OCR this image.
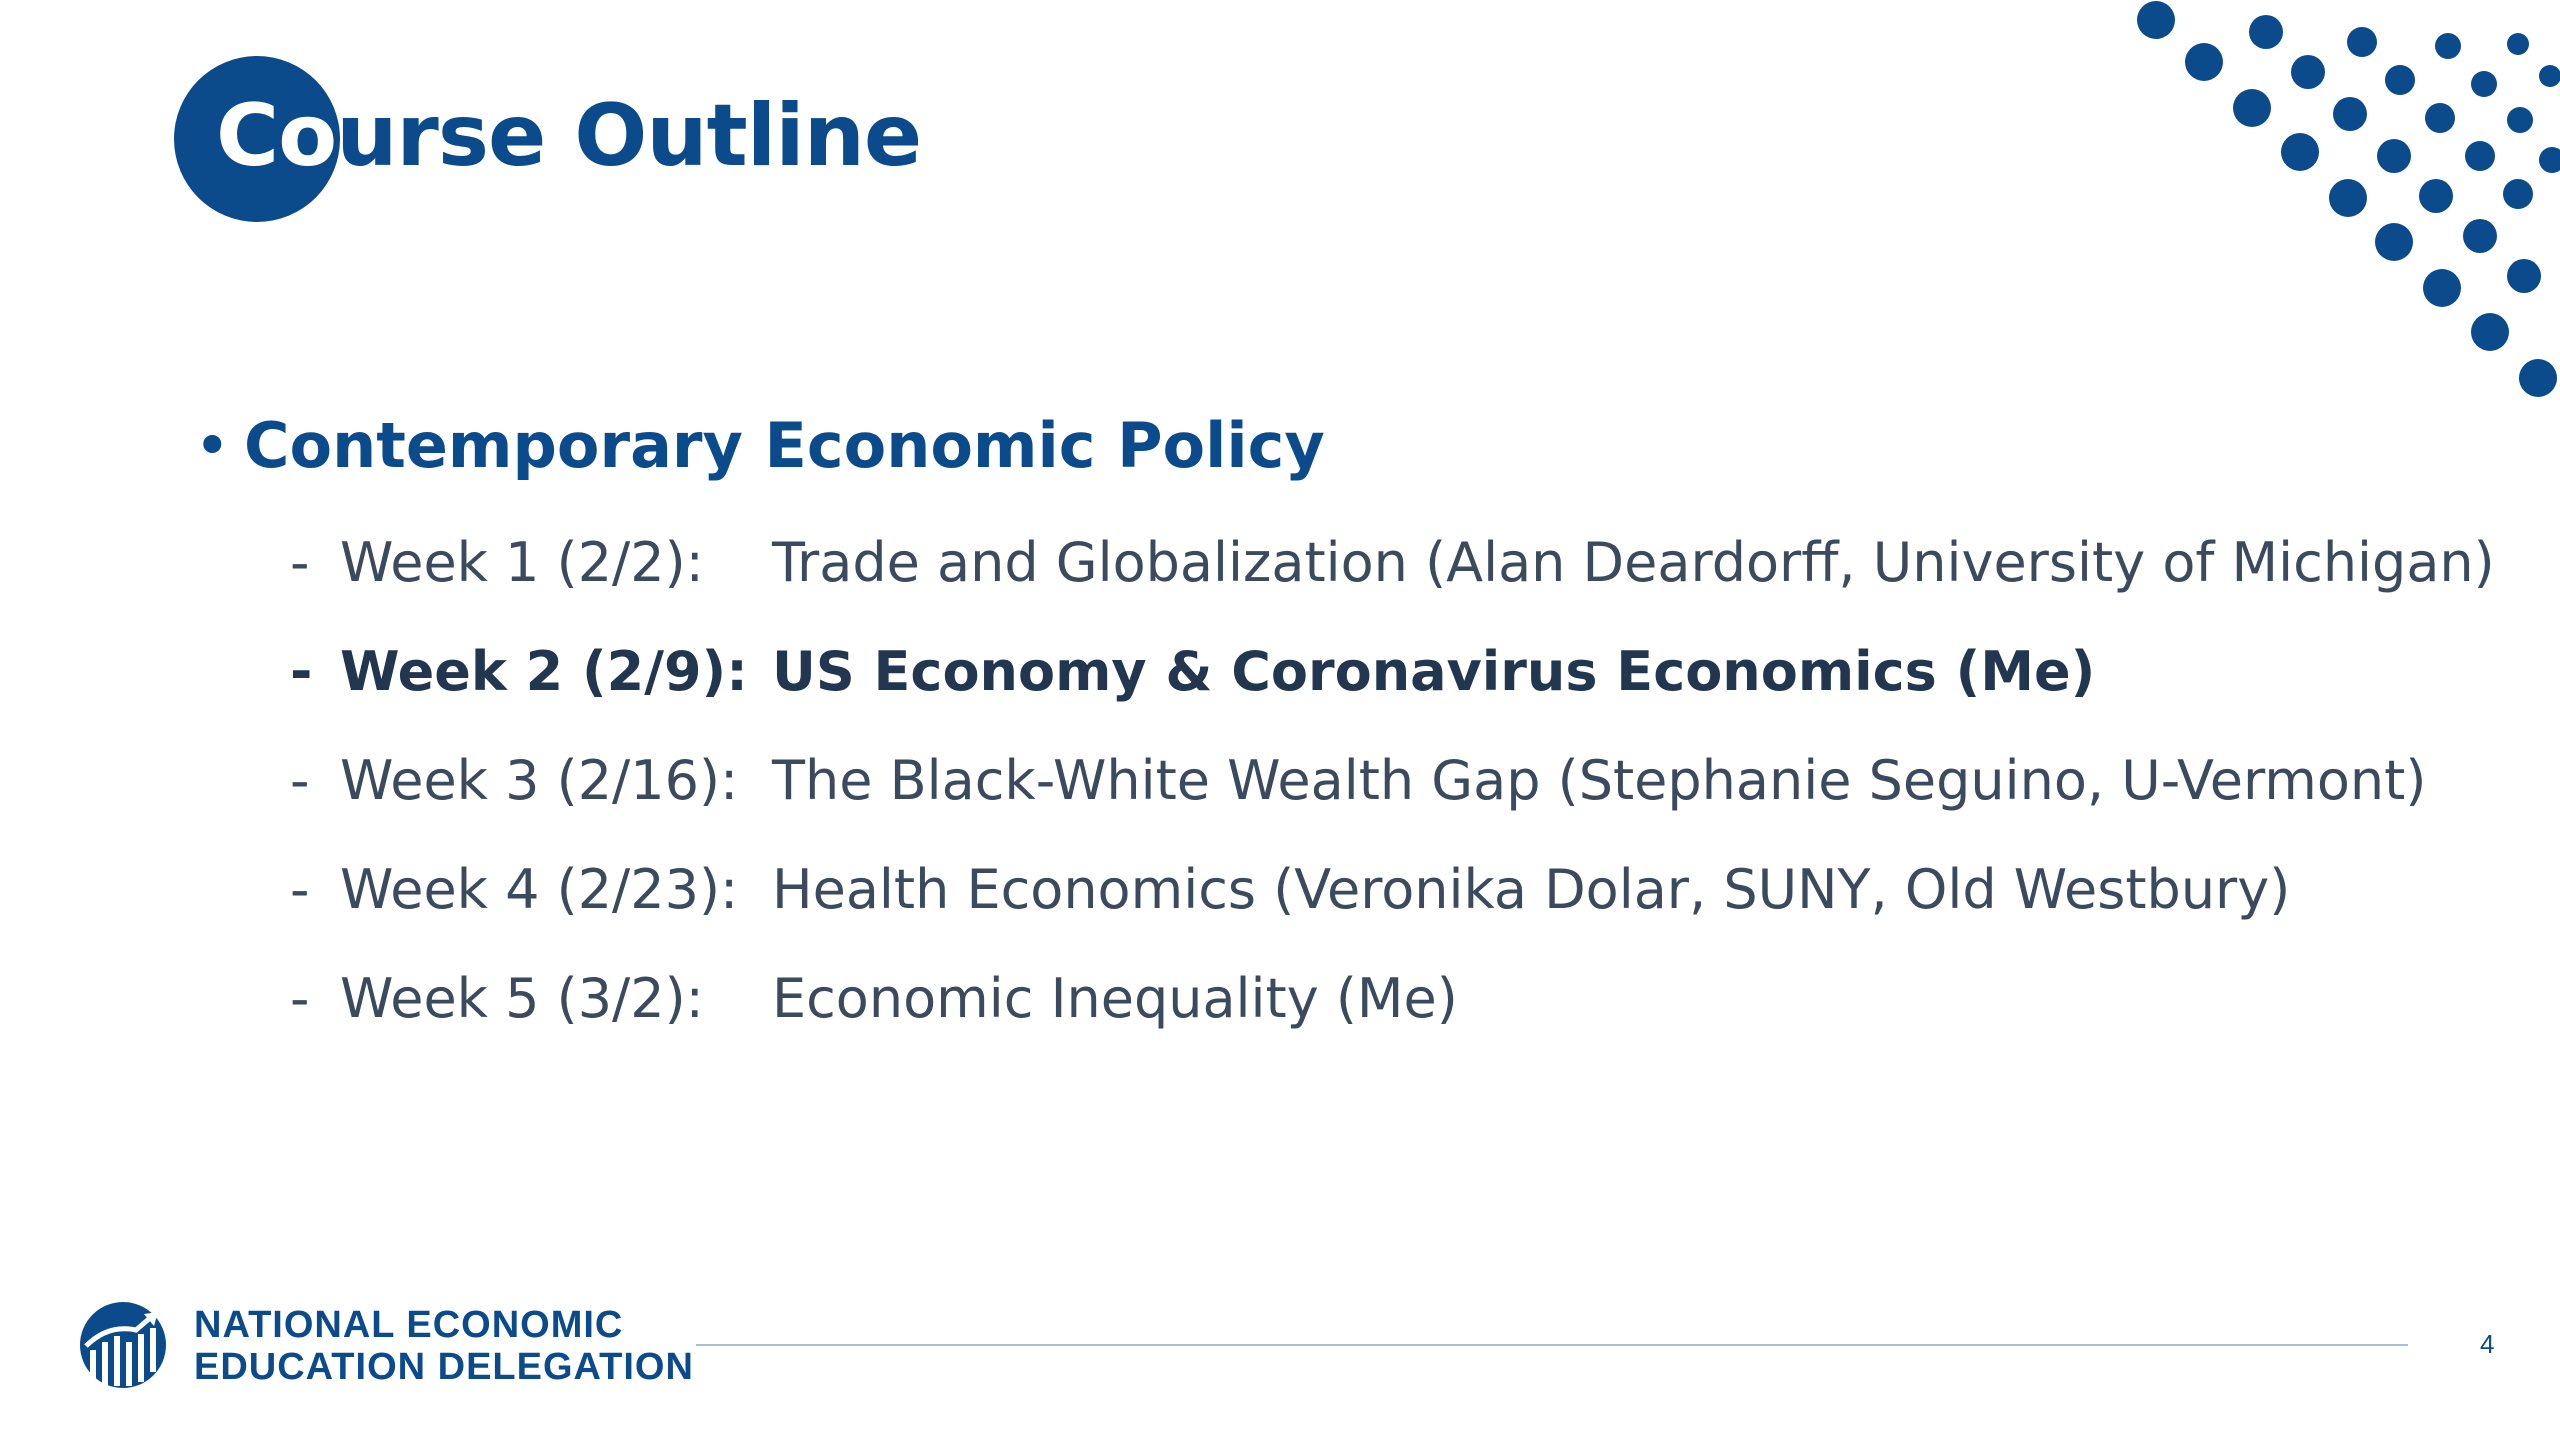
Course Outline
• Contemporary Economic Policy
- Week 1 (2/2): Trade and Globalization (Alan Deardorff, University of Michigan)
- Week 2 (2/9): US Economy & Coronavirus Economics (Me)
- Week 3 (2/16): The Black-White Wealth Gap (Stephanie Seguino, U-Vermont)
- Week 4 (2/23): Health Economics (Veronika Dolar, SUNY, Old Westbury)
- Week 5 (3/2): Economic Inequality (Me)
NATIONAL ECONOMIC
EDUCATION DELEGATION
4
